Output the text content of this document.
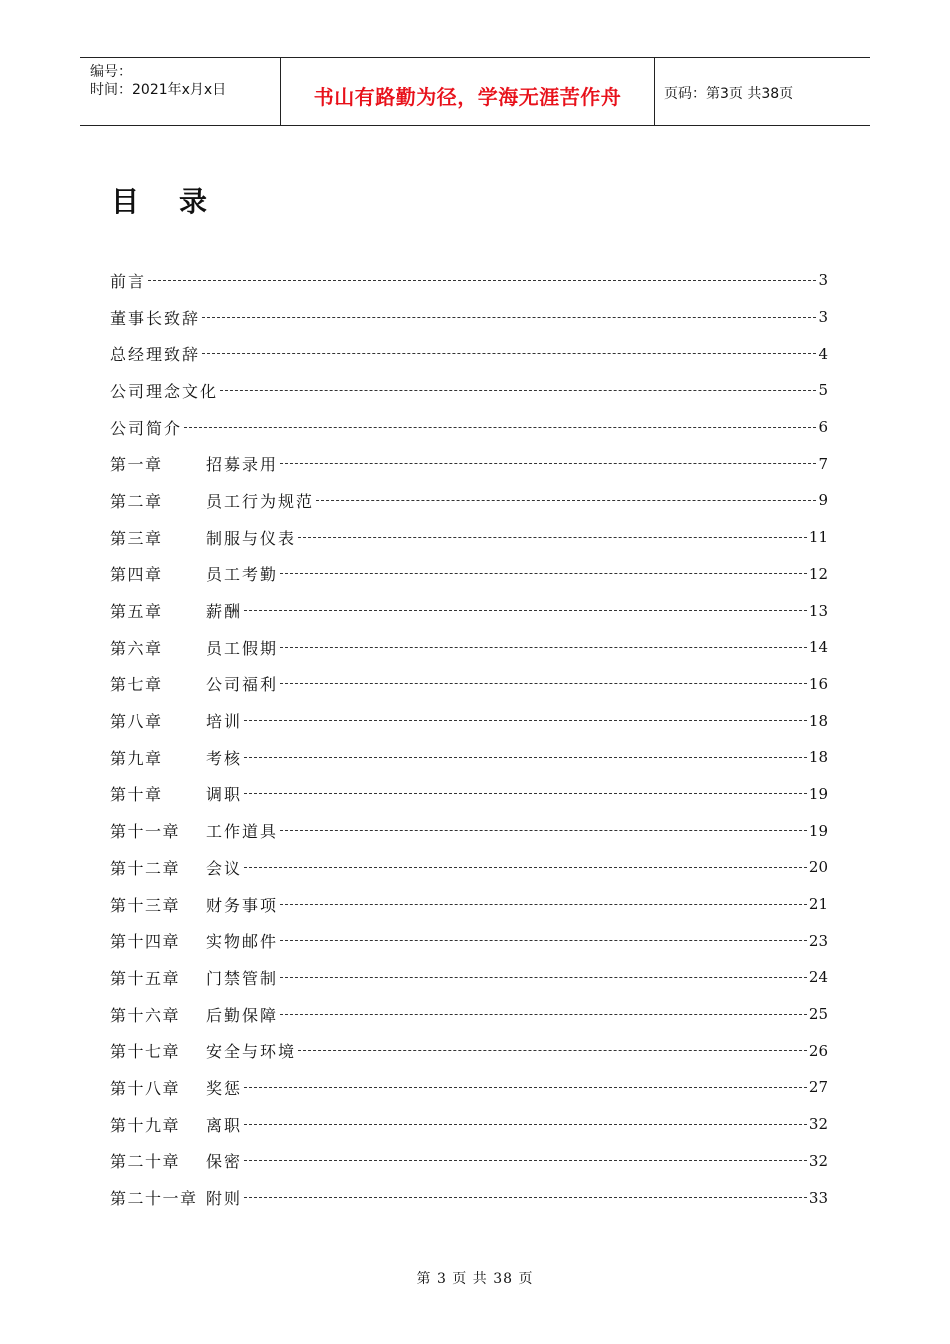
编号：
时间：2021年x月x日	书山有路勤为径，学海无涯苦作舟	页码：第3页 共38页
目 录
前言	3
董事长致辞	3
总经理致辞	4
公司理念文化	5
公司简介	6
第一章	招募录用	7
第二章	员工行为规范	9
第三章	制服与仪表	11
第四章	员工考勤	12
第五章	薪酬	13
第六章	员工假期	14
第七章	公司福利	16
第八章	培训	18
第九章	考核	18
第十章	调职	19
第十一章	工作道具	19
第十二章	会议	20
第十三章	财务事项	21
第十四章	实物邮件	23
第十五章	门禁管制	24
第十六章	后勤保障	25
第十七章	安全与环境	26
第十八章	奖惩	27
第十九章	离职	32
第二十章	保密	32
第二十一章 附则	33
第 3 页 共 38 页
